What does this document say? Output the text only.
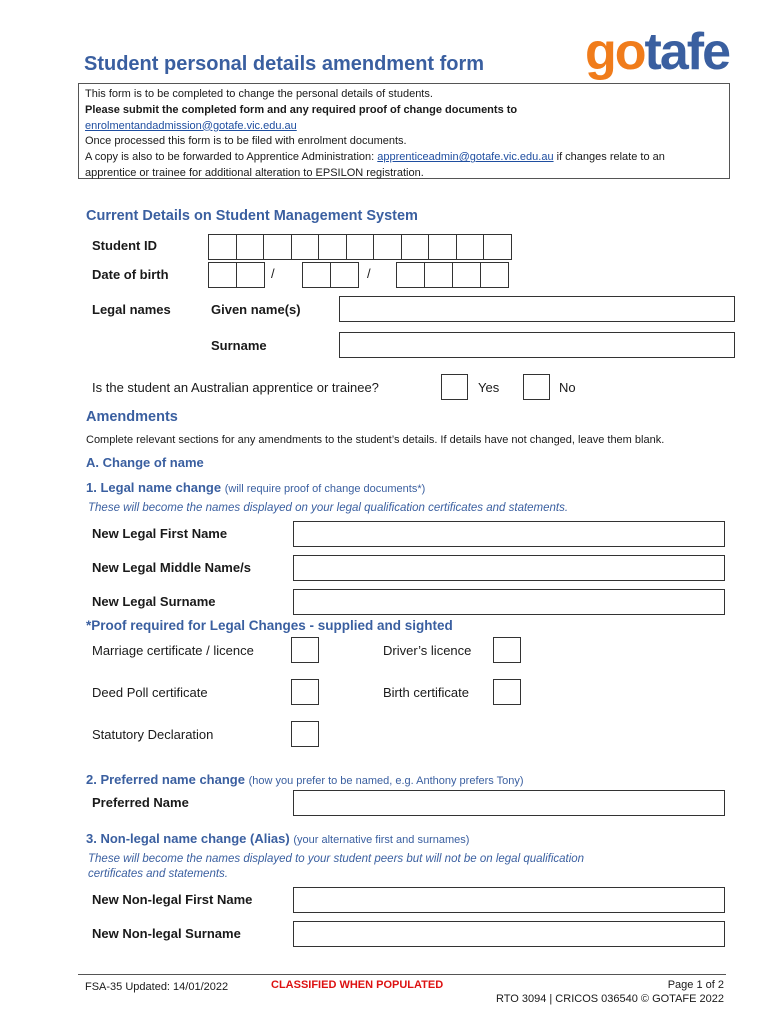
Student personal details amendment form gotafe
This form is to be completed to change the personal details of students.
Please submit the completed form and any required proof of change documents to
enrolmentandadmission@gotafe.vic.edu.au
Once processed this form is to be filed with enrolment documents.
A copy is also to be forwarded to Apprentice Administration: apprenticeadmin@gotafe.vic.edu.au if changes relate to an
apprentice or trainee for additional alteration to EPSILON registration.
Current Details on Student Management System
Student ID
Date of birth	/	/
Legal names	Given name(s)
Surname
Is the student an Australian apprentice or trainee?	Yes	No
Amendments
Complete relevant sections for any amendments to the student’s details. If details have not changed, leave them blank.
A. Change of name
1. Legal name change (will require proof of change documents*)
These will become the names displayed on your legal qualification certificates and statements.
New Legal First Name
New Legal Middle Name/s
New Legal Surname
*Proof required for Legal Changes - supplied and sighted
Marriage certificate / licence	Driver’s licence
Deed Poll certificate	Birth certificate
Statutory Declaration
2. Preferred name change (how you prefer to be named, e.g. Anthony prefers Tony)
Preferred Name
3. Non-legal name change (Alias) (your alternative first and surnames)
These will become the names displayed to your student peers but will not be on legal qualification
certificates and statements.
New Non-legal First Name
New Non-legal Surname
FSA-35 Updated: 14/01/2022	CLASSIFIED WHEN POPULATED	Page 1 of 2
RTO 3094 | CRICOS 036540 © GOTAFE 2022
